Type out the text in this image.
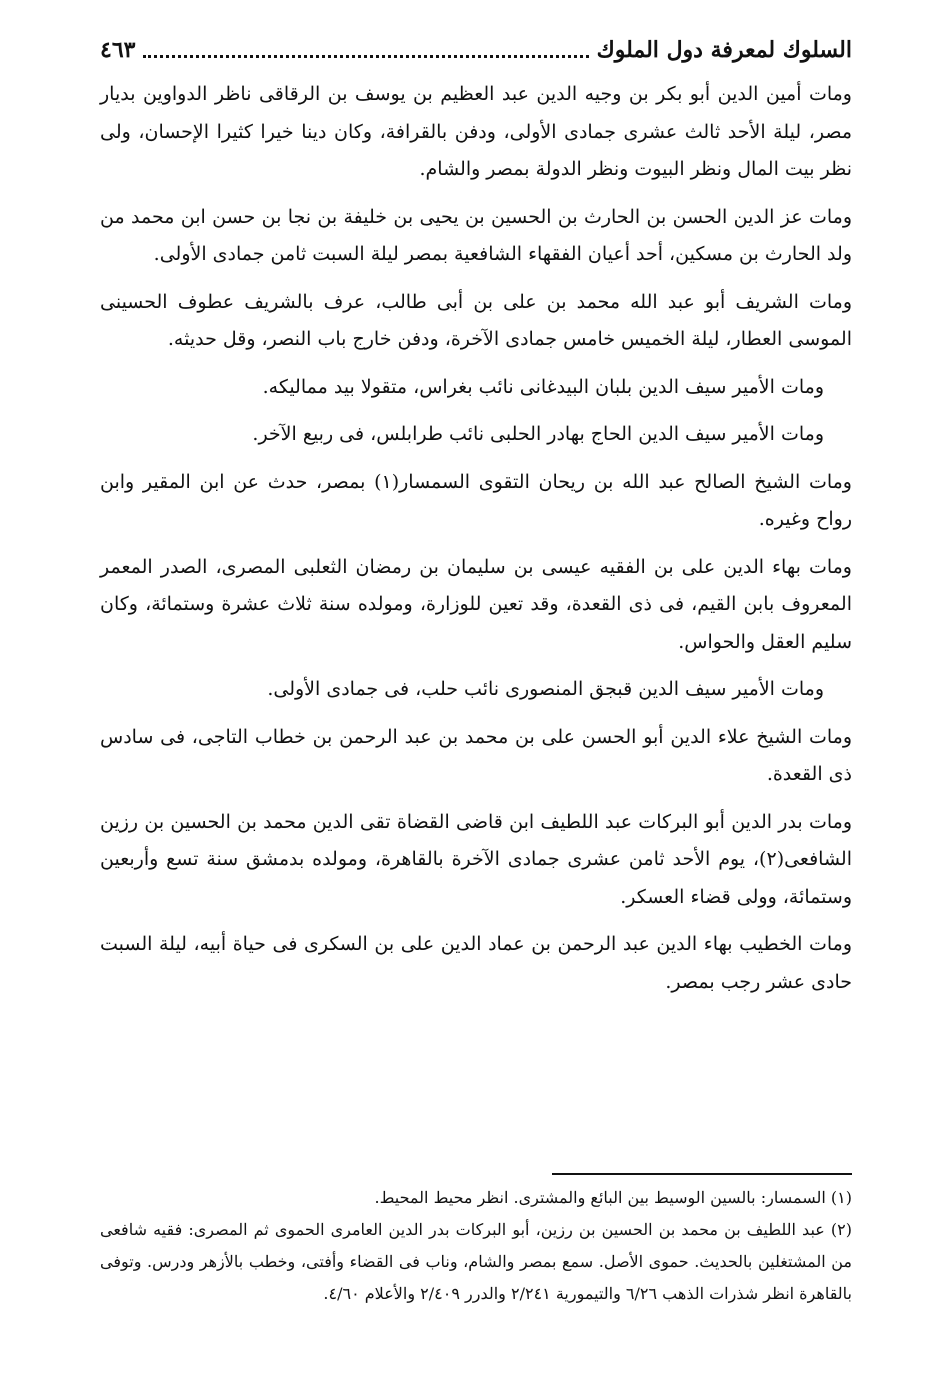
السلوك لمعرفة دول الملوك
٤٦٣

ومات أمين الدين أبو بكر بن وجيه الدين عبد العظيم بن يوسف بن الرقاقى ناظر الدواوين بديار مصر، ليلة الأحد ثالث عشرى جمادى الأولى، ودفن بالقرافة، وكان دينا خيرا كثيرا الإحسان، ولى نظر بيت المال ونظر البيوت ونظر الدولة بمصر والشام.

ومات عز الدين الحسن بن الحارث بن الحسين بن يحيى بن خليفة بن نجا بن حسن ابن محمد من ولد الحارث بن مسكين، أحد أعيان الفقهاء الشافعية بمصر ليلة السبت ثامن جمادى الأولى.

ومات الشريف أبو عبد الله محمد بن على بن أبى طالب، عرف بالشريف عطوف الحسينى الموسى العطار، ليلة الخميس خامس جمادى الآخرة، ودفن خارج باب النصر، وقل حديثه.

ومات الأمير سيف الدين بلبان البيدغانى نائب بغراس، متقولا بيد مماليكه.

ومات الأمير سيف الدين الحاج بهادر الحلبى نائب طرابلس، فى ربيع الآخر.

ومات الشيخ الصالح عبد الله بن ريحان التقوى السمسار(١) بمصر، حدث عن ابن المقير وابن رواح وغيره.

ومات بهاء الدين على بن الفقيه عيسى بن سليمان بن رمضان الثعلبى المصرى، الصدر المعمر المعروف بابن القيم، فى ذى القعدة، وقد تعين للوزارة، ومولده سنة ثلاث عشرة وستمائة، وكان سليم العقل والحواس.

ومات الأمير سيف الدين قبجق المنصورى نائب حلب، فى جمادى الأولى.

ومات الشيخ علاء الدين أبو الحسن على بن محمد بن عبد الرحمن بن خطاب التاجى، فى سادس ذى القعدة.

ومات بدر الدين أبو البركات عبد اللطيف ابن قاضى القضاة تقى الدين محمد بن الحسين بن رزين الشافعى(٢)، يوم الأحد ثامن عشرى جمادى الآخرة بالقاهرة، ومولده بدمشق سنة تسع وأربعين وستمائة، وولى قضاء العسكر.

ومات الخطيب بهاء الدين عبد الرحمن بن عماد الدين على بن السكرى فى حياة أبيه، ليلة السبت حادى عشر رجب بمصر.

(١) السمسار: بالسين الوسيط بين البائع والمشترى. انظر محيط المحيط.

(٢) عبد اللطيف بن محمد بن الحسين بن رزين، أبو البركات بدر الدين العامرى الحموى ثم المصرى: فقيه شافعى من المشتغلين بالحديث. حموى الأصل. سمع بمصر والشام، وناب فى القضاء وأفتى، وخطب بالأزهر ودرس. وتوفى بالقاهرة انظر شذرات الذهب ٦/٢٦ والتيمورية ٢/٢٤١ والدرر ٢/٤٠٩ والأعلام ٤/٦٠.
